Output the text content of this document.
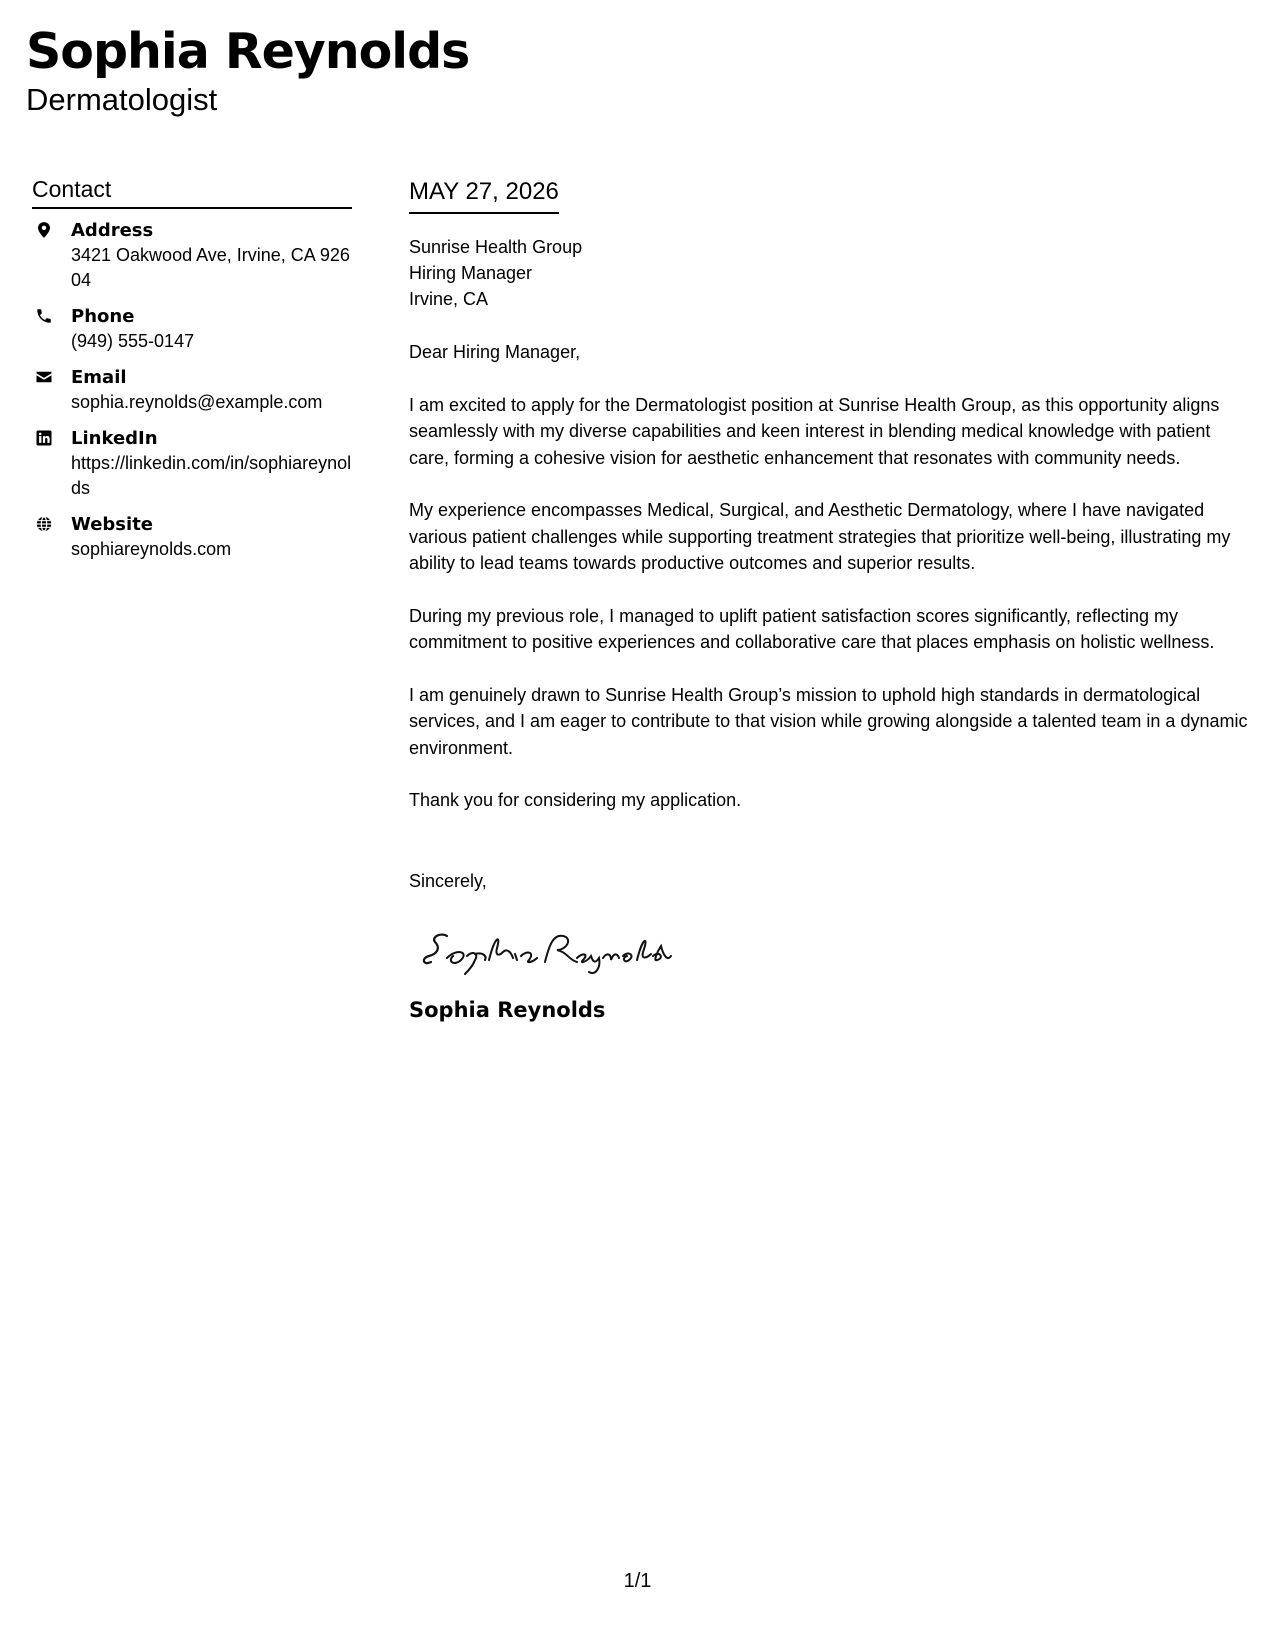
Sophia Reynolds
Dermatologist
Contact
Address
3421 Oakwood Ave, Irvine, CA 92604
Phone
(949) 555-0147
Email
sophia.reynolds@example.com
LinkedIn
https://linkedin.com/in/sophiareynolds
Website
sophiareynolds.com
MAY 27, 2026
Sunrise Health Group
Hiring Manager
Irvine, CA

Dear Hiring Manager,

I am excited to apply for the Dermatologist position at Sunrise Health Group, as this opportunity aligns seamlessly with my diverse capabilities and keen interest in blending medical knowledge with patient care, forming a cohesive vision for aesthetic enhancement that resonates with community needs.

My experience encompasses Medical, Surgical, and Aesthetic Dermatology, where I have navigated various patient challenges while supporting treatment strategies that prioritize well-being, illustrating my ability to lead teams towards productive outcomes and superior results.

During my previous role, I managed to uplift patient satisfaction scores significantly, reflecting my commitment to positive experiences and collaborative care that places emphasis on holistic wellness.

I am genuinely drawn to Sunrise Health Group’s mission to uphold high standards in dermatological services, and I am eager to contribute to that vision while growing alongside a talented team in a dynamic environment.

Thank you for considering my application.

Sincerely,
Sophia Reynolds
1/1
